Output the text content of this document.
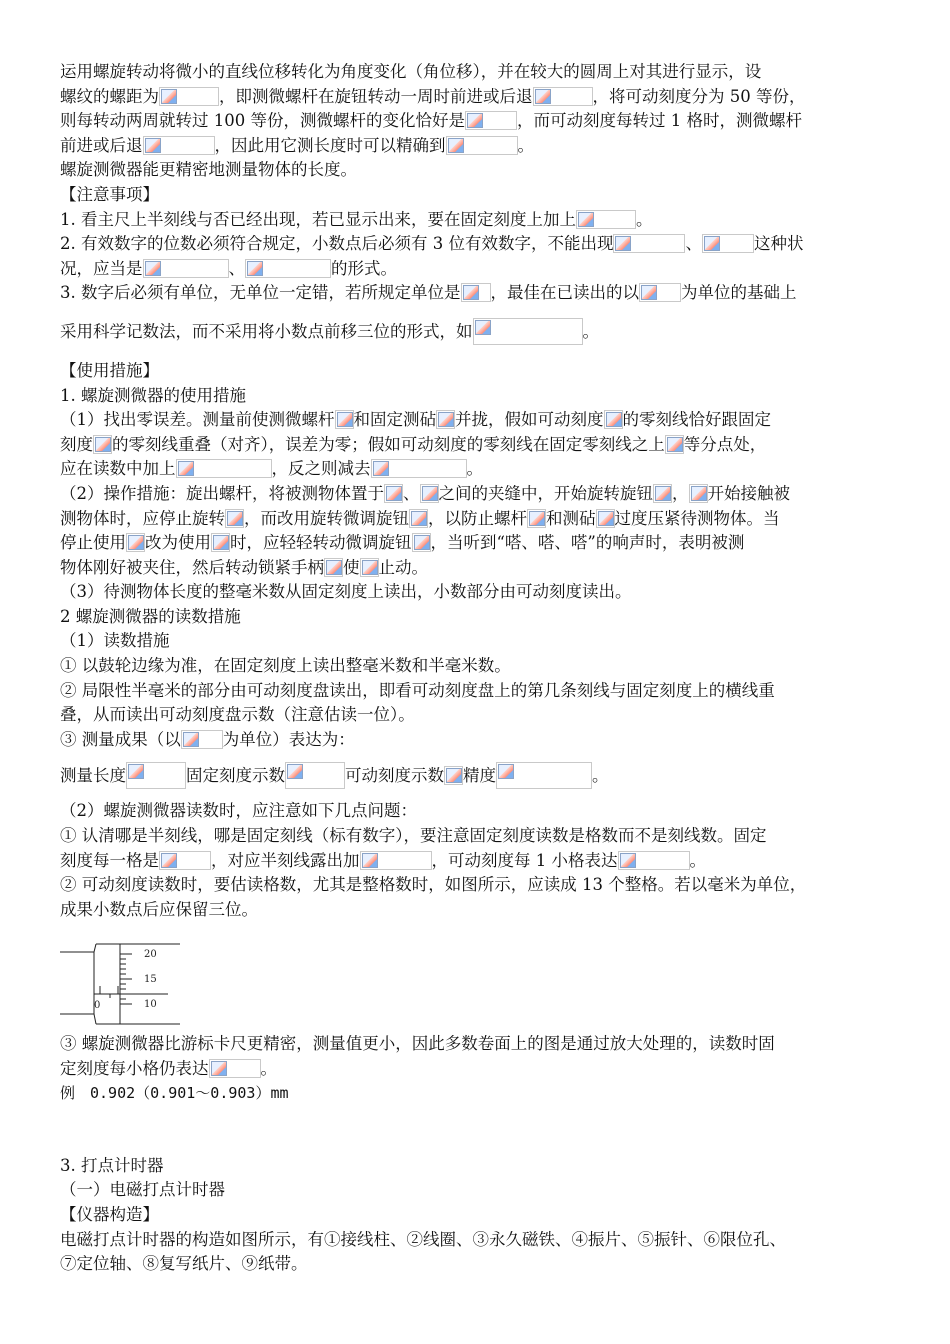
运用螺旋转动将微小的直线位移转化为角度变化（角位移），并在较大的圆周上对其进行显示，设
螺纹的螺距为	，即测微螺杆在旋钮转动一周时前进或后退	，将可动刻度分为 50 等份，
则每转动两周就转过 100 等份，测微螺杆的变化恰好是	，而可动刻度每转过 1 格时，测微螺杆
前进或后退	，因此用它测长度时可以精确到	。
螺旋测微器能更精密地测量物体的长度。
【注意事项】
1. 看主尺上半刻线与否已经出现，若已显示出来，要在固定刻度上加上	。
2. 有效数字的位数必须符合规定，小数点后必须有 3 位有效数字，不能出现	、	这种状
况，应当是	、	的形式。
3. 数字后必须有单位，无单位一定错，若所规定单位是 ，最佳在已读出的以	为单位的基础上
采用科学记数法，而不采用将小数点前移三位的形式，如	。
【使用措施】
1. 螺旋测微器的使用措施
（1）找出零误差。测量前使测微螺杆 和固定测砧 并拢，假如可动刻度 的零刻线恰好跟固定
刻度 的零刻线重叠（对齐），误差为零；假如可动刻度的零刻线在固定零刻线之上 等分点处，
应在读数中加上	，反之则减去	。
（2）操作措施：旋出螺杆，将被测物体置于 、 之间的夹缝中，开始旋转旋钮 ， 开始接触被
测物体时，应停止旋转 ，而改用旋转微调旋钮 ，以防止螺杆 和测砧 过度压紧待测物体。当
停止使用 改为使用 时，应轻轻转动微调旋钮 ，当听到“嗒、嗒、嗒”的响声时，表明被测
物体刚好被夹住，然后转动锁紧手柄 使 止动。
（3）待测物体长度的整毫米数从固定刻度上读出，小数部分由可动刻度读出。
2 螺旋测微器的读数措施
（1）读数措施
① 以鼓轮边缘为准，在固定刻度上读出整毫米数和半毫米数。
② 局限性半毫米的部分由可动刻度盘读出，即看可动刻度盘上的第几条刻线与固定刻度上的横线重
叠，从而读出可动刻度盘示数（注意估读一位）。
③ 测量成果（以	为单位）表达为：
测量长度	固定刻度示数	可动刻度示数 精度	。
（2）螺旋测微器读数时，应注意如下几点问题：
① 认清哪是半刻线，哪是固定刻线（标有数字），要注意固定刻度读数是格数而不是刻线数。固定
刻度每一格是	，对应半刻线露出加	，可动刻度每 1 小格表达	。
② 可动刻度读数时，要估读格数，尤其是整格数时，如图所示，应读成 13 个整格。若以毫米为单位，
成果小数点后应保留三位。
20
15
10
0
③ 螺旋测微器比游标卡尺更精密，测量值更小，因此多数卷面上的图是通过放大处理的，读数时固
定刻度每小格仍表达	。
例　0.902（0.901～0.903）mm
3. 打点计时器
（一）电磁打点计时器
【仪器构造】
电磁打点计时器的构造如图所示，有①接线柱、②线圈、③永久磁铁、④振片、⑤振针、⑥限位孔、
⑦定位轴、⑧复写纸片、⑨纸带。
